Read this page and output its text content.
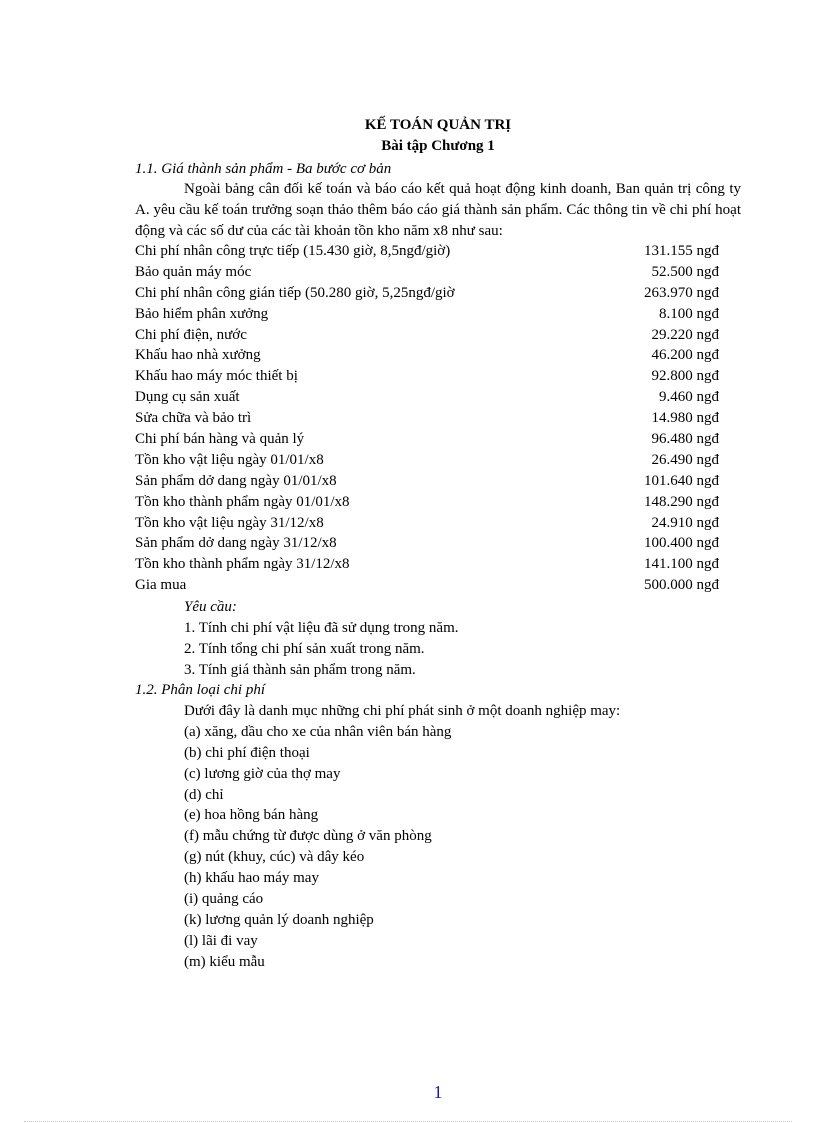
KẾ TOÁN QUẢN TRỊ
Bài tập Chương 1
1.1. Giá thành sản phẩm - Ba bước cơ bản

Ngoài bảng cân đối kế toán và báo cáo kết quả hoạt động kinh doanh, Ban quản trị công ty A. yêu cầu kế toán trưởng soạn thảo thêm báo cáo giá thành sản phẩm. Các thông tin về chi phí hoạt động và các số dư của các tài khoản tồn kho năm x8 như sau:

Chi phí nhân công trực tiếp (15.430 giờ, 8,5ngđ/giờ)	131.155 ngđ
Bảo quản máy móc	52.500 ngđ
Chi phí nhân công gián tiếp (50.280 giờ, 5,25ngđ/giờ	263.970 ngđ
Bảo hiểm phân xưởng	8.100 ngđ
Chi phí điện, nước	29.220 ngđ
Khấu hao nhà xưởng	46.200 ngđ
Khấu hao máy móc thiết bị	92.800 ngđ
Dụng cụ sản xuất	9.460 ngđ
Sửa chữa và bảo trì	14.980 ngđ
Chi phí bán hàng và quản lý	96.480 ngđ
Tồn kho vật liệu ngày 01/01/x8	26.490 ngđ
Sản phẩm dở dang ngày 01/01/x8	101.640 ngđ
Tồn kho thành phẩm ngày 01/01/x8	148.290 ngđ
Tồn kho vật liệu ngày 31/12/x8	24.910 ngđ
Sản phẩm dở dang ngày 31/12/x8	100.400 ngđ
Tồn kho thành phẩm ngày 31/12/x8	141.100 ngđ
Gia mua	500.000 ngđ
Yêu cầu:
1. Tính chi phí vật liệu đã sử dụng trong năm.
2. Tính tổng chi phí sản xuất trong năm.
3. Tính giá thành sản phẩm trong năm.
1.2. Phân loại chi phí
Dưới đây là danh mục những chi phí phát sinh ở một doanh nghiệp may:
(a) xăng, dầu cho xe của nhân viên bán hàng
(b) chi phí điện thoại
(c) lương giờ của thợ may
(d) chỉ
(e) hoa hồng bán hàng
(f) mẫu chứng từ được dùng ở văn phòng
(g) nút (khuy, cúc) và dây kéo
(h) khấu hao máy may
(i) quảng cáo
(k) lương quản lý doanh nghiệp
(l) lãi đi vay
(m) kiểu mẫu
1
